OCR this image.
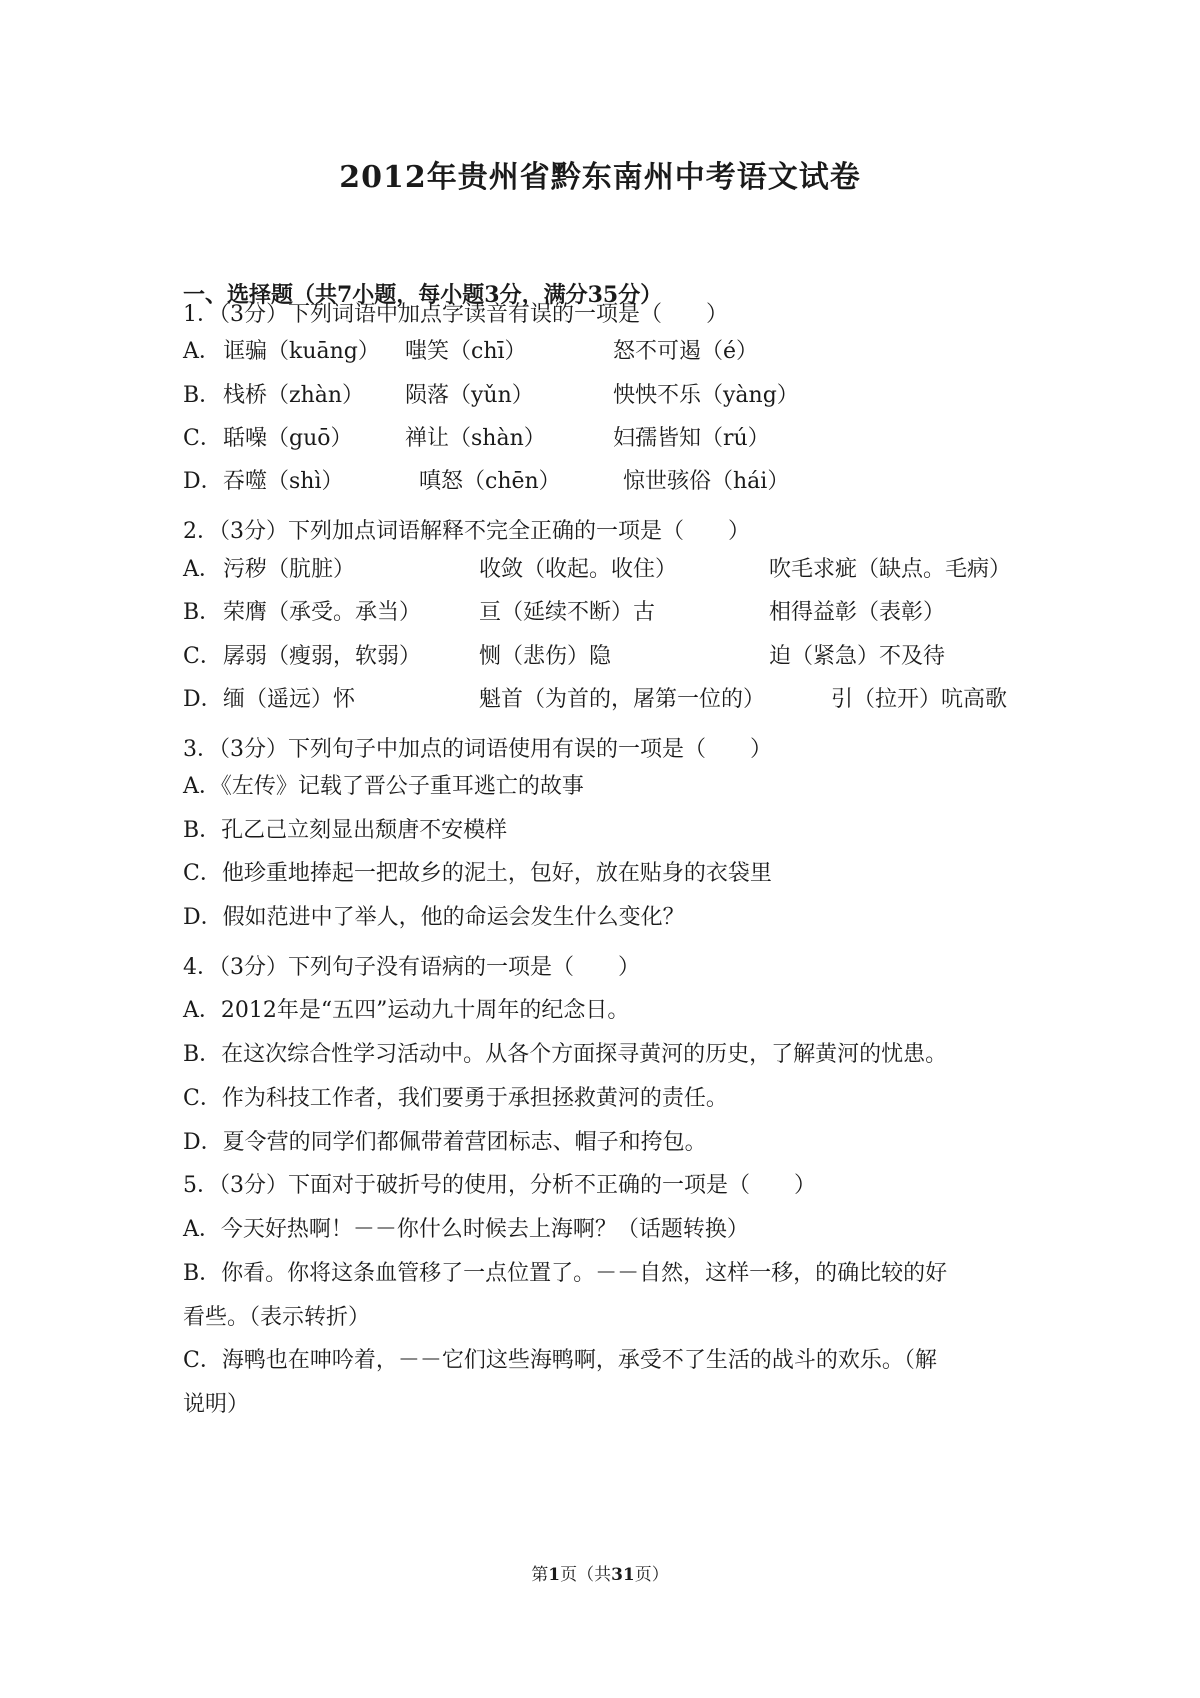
2012年贵州省黔东南州中考语文试卷
一、选择题（共7小题，每小题3分，满分35分）
1．（3分）下列词语中加点字读音有误的一项是（　　）
A． 诓骗（kuāng） 嗤笑（chī）	怒不可遏（é）
B． 栈桥（zhàn） 陨落（yǔn）	怏怏不乐（yàng）
C． 聒噪（guō） 禅让（shàn）	妇孺皆知（rú）
D． 吞噬（shì）	嗔怒（chēn）	惊世骇俗（hái）
2．（3分）下列加点词语解释不完全正确的一项是（　　）
A． 污秽（肮脏）	收敛（收起。收住）	吹毛求疵（缺点。毛病）
B． 荣膺（承受。承当）	亘（延续不断）古	相得益彰（表彰）
C． 孱弱（瘦弱，软弱）	恻（悲伤）隐	迫（紧急）不及待
D． 缅（遥远）怀	魁首（为首的，屠第一位的）	引（拉开）吭高歌
3．（3分）下列句子中加点的词语使用有误的一项是（　　）
A．《左传》记载了晋公子重耳逃亡的故事
B．孔乙己立刻显出颓唐不安模样
C．他珍重地捧起一把故乡的泥土，包好，放在贴身的衣袋里
D．假如范进中了举人，他的命运会发生什么变化？
4．（3分）下列句子没有语病的一项是（　　）
A．2012年是“五四”运动九十周年的纪念日。
B．在这次综合性学习活动中。从各个方面探寻黄河的历史，了解黄河的忧患。
C．作为科技工作者，我们要勇于承担拯救黄河的责任。
D．夏令营的同学们都佩带着营团标志、帽子和挎包。
5．（3分）下面对于破折号的使用，分析不正确的一项是（　　）
A．今天好热啊！－－你什么时候去上海啊？（话题转换）
B．你看。你将这条血管移了一点位置了。－－自然，这样一移，的确比较的好
看些。（表示转折）
C．海鸭也在呻吟着，－－它们这些海鸭啊，承受不了生活的战斗的欢乐。（解
说明）
第1页（共31页）
